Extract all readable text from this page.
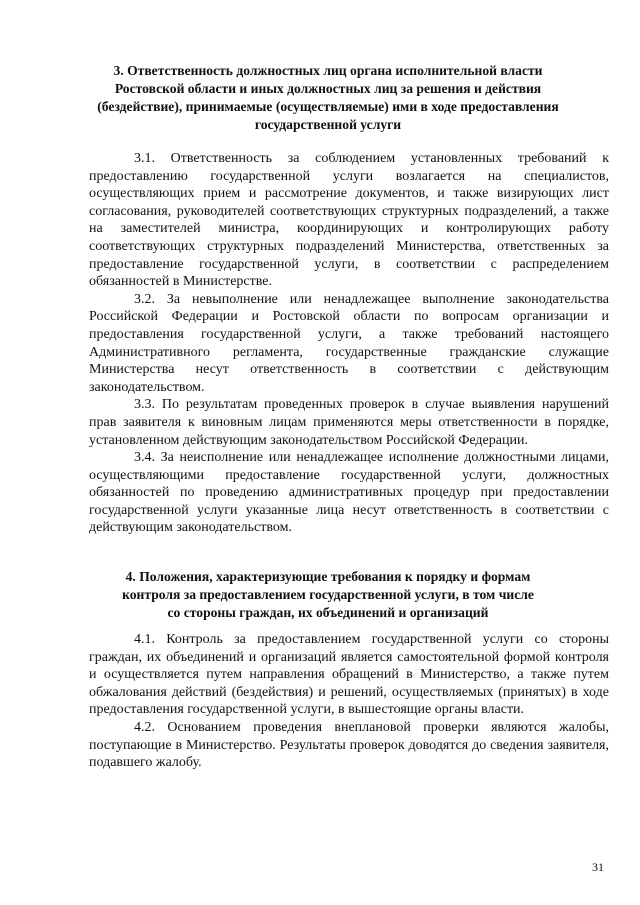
3. Ответственность должностных лиц органа исполнительной власти
Ростовской области и иных должностных лиц за решения и действия
(бездействие), принимаемые (осуществляемые) ими в ходе предоставления
государственной услуги

3.1. Ответственность за соблюдением установленных требований к предоставлению государственной услуги возлагается на специалистов, осуществляющих прием и рассмотрение документов, и также визирующих лист согласования, руководителей соответствующих структурных подразделений, а также на заместителей министра, координирующих и контролирующих работу соответствующих структурных подразделений Министерства, ответственных за предоставление государственной услуги, в соответствии с распределением обязанностей в Министерстве.

3.2. За невыполнение или ненадлежащее выполнение законодательства Российской Федерации и Ростовской области по вопросам организации и предоставления государственной услуги, а также требований настоящего Административного регламента, государственные гражданские служащие Министерства несут ответственность в соответствии с действующим законодательством.

3.3. По результатам проведенных проверок в случае выявления нарушений прав заявителя к виновным лицам применяются меры ответственности в порядке, установленном действующим законодательством Российской Федерации.

3.4. За неисполнение или ненадлежащее исполнение должностными лицами, осуществляющими предоставление государственной услуги, должностных обязанностей по проведению административных процедур при предоставлении государственной услуги указанные лица несут ответственность в соответствии с действующим законодательством.

4. Положения, характеризующие требования к порядку и формам
контроля за предоставлением государственной услуги, в том числе
со стороны граждан, их объединений и организаций

4.1. Контроль за предоставлением государственной услуги со стороны граждан, их объединений и организаций является самостоятельной формой контроля и осуществляется путем направления обращений в Министерство, а также путем обжалования действий (бездействия) и решений, осуществляемых (принятых) в ходе предоставления государственной услуги, в вышестоящие органы власти.

4.2. Основанием проведения внеплановой проверки являются жалобы, поступающие в Министерство. Результаты проверок доводятся до сведения заявителя, подавшего жалобу.

31
